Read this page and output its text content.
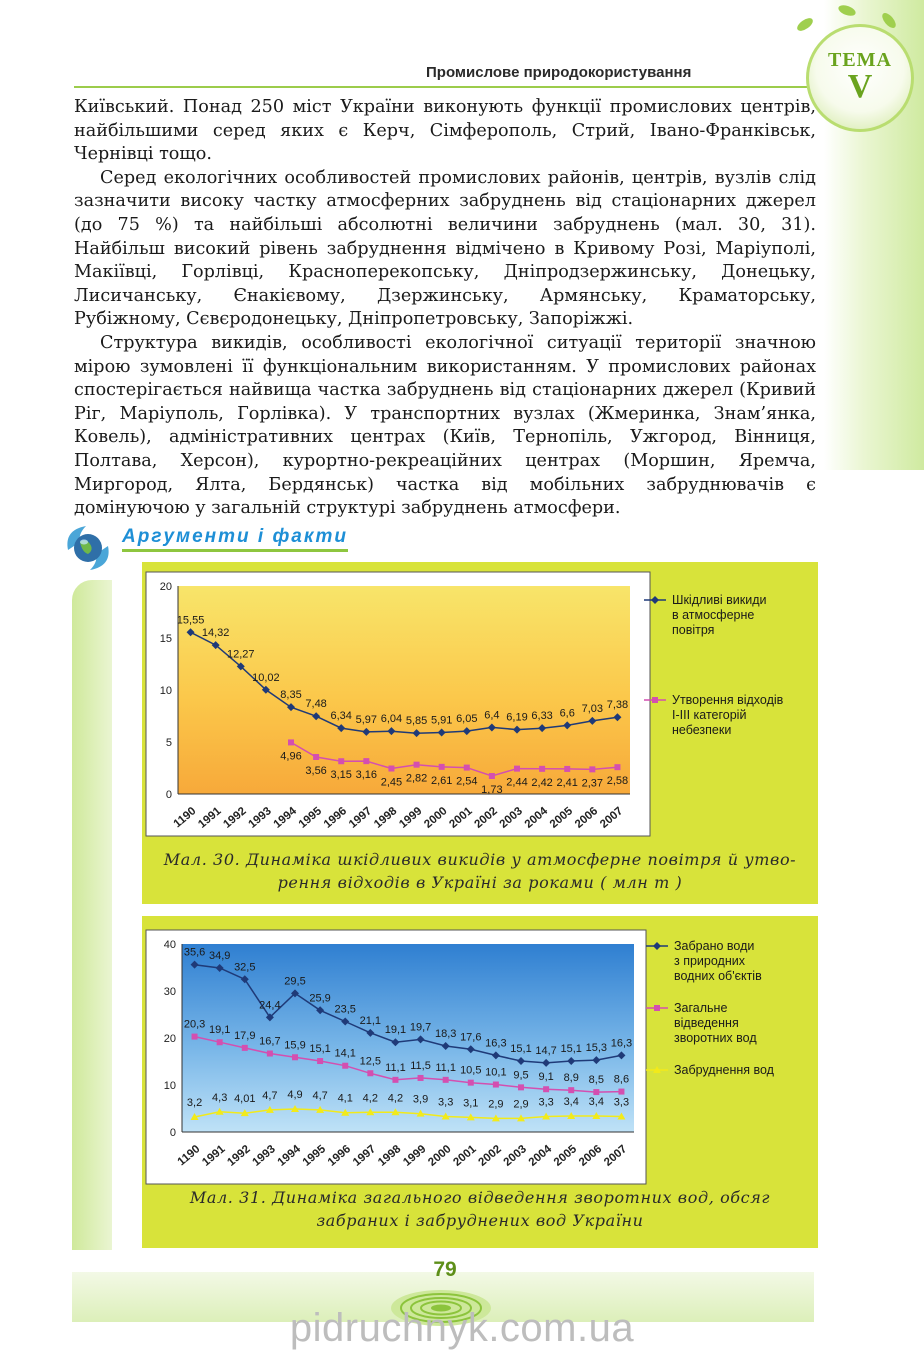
Промислове природокористування
ТЕМА
V

Київський. Понад 250 міст України виконують функції промислових центрів, найбільшими серед яких є Керч, Сімферополь, Стрий, Івано-Франківськ, Чернівці тощо.

Серед екологічних особливостей промислових районів, центрів, вузлів слід зазначити високу частку атмосферних забруднень від стаціонарних джерел (до 75 %) та найбільші абсолютні величини забруднень (мал. 30, 31). Найбільш високий рівень забруднення відмічено в Кривому Розі, Маріуполі, Макіївці, Горлівці, Красноперекопську, Дніпродзержинську, Донецьку, Лисичанську, Єнакієвому, Дзержинську, Армянську, Краматорську, Рубіжному, Сєвєродонецьку, Дніпропетровську, Запоріжжі.

Структура викидів, особливості екологічної ситуації території значною мірою зумовлені її функціональним використанням. У промислових районах спостерігається найвища частка забруднень від стаціонарних джерел (Кривий Ріг, Маріуполь, Горлівка). У транспортних вузлах (Жмеринка, Знам’янка, Ковель), адміністративних центрах (Київ, Тернопіль, Ужгород, Вінниця, Полтава, Херсон), курортно-рекреаційних центрах (Моршин, Яремча, Миргород, Ялта, Бердянськ) частка від мобільних забруднювачів є домінуючою у загальній структурі забруднень атмосфери.

Аргументи і факти
0
5
10
15
20
1190
1991
1992
1993
1994
1995
1996
1997
1998
1999
2000
2001
2002
2003
2004
2005
2006
2007
15,55
14,32
12,27
10,02
8,35
7,48
6,34 5,97 6,04 5,85 5,91 6,05 6,4 6,19 6,33 6,6 7,03 7,38
4,96
3,56 3,15 3,16
2,45 2,82 2,61 2,54
1,73
2,44 2,42 2,41 2,37 2,58
Шкідливі викиди
в атмосферне
повітря
Утворення відходів
I-III категорій
небезпеки
Мал. 30. Динаміка шкідливих викидів у атмосферне повітря й утво-
рення відходів в Україні за роками ( млн т )
0
10
20
30
40
1190
1991
1992
1993
1994
1995
1996
1997
1998
1999
2000
2001
2002
2003
2004
2005
2006
2007
35,6 34,9
32,5
24,4
29,5
25,9
23,5
21,1
19,1 19,7
18,3 17,6
16,3 15,1 14,7 15,1 15,3 16,3
20,3 19,1 17,9 16,7 15,9 15,1 14,1
12,5
11,1 11,5 11,1 10,5 10,1 9,5 9,1 8,9 8,5 8,6
3,2 4,3 4,01 4,7 4,9 4,7 4,1 4,2 4,2 3,9 3,3 3,1 2,9 2,9 3,3 3,4 3,4 3,3
Забрано води
з природних
водних об'єктів
Загальне
відведення
зворотних вод
Забруднення вод
Мал. 31. Динаміка загального відведення зворотних вод, обсяг
забраних і забруднених вод України
79
pidruchnyk.com.ua
